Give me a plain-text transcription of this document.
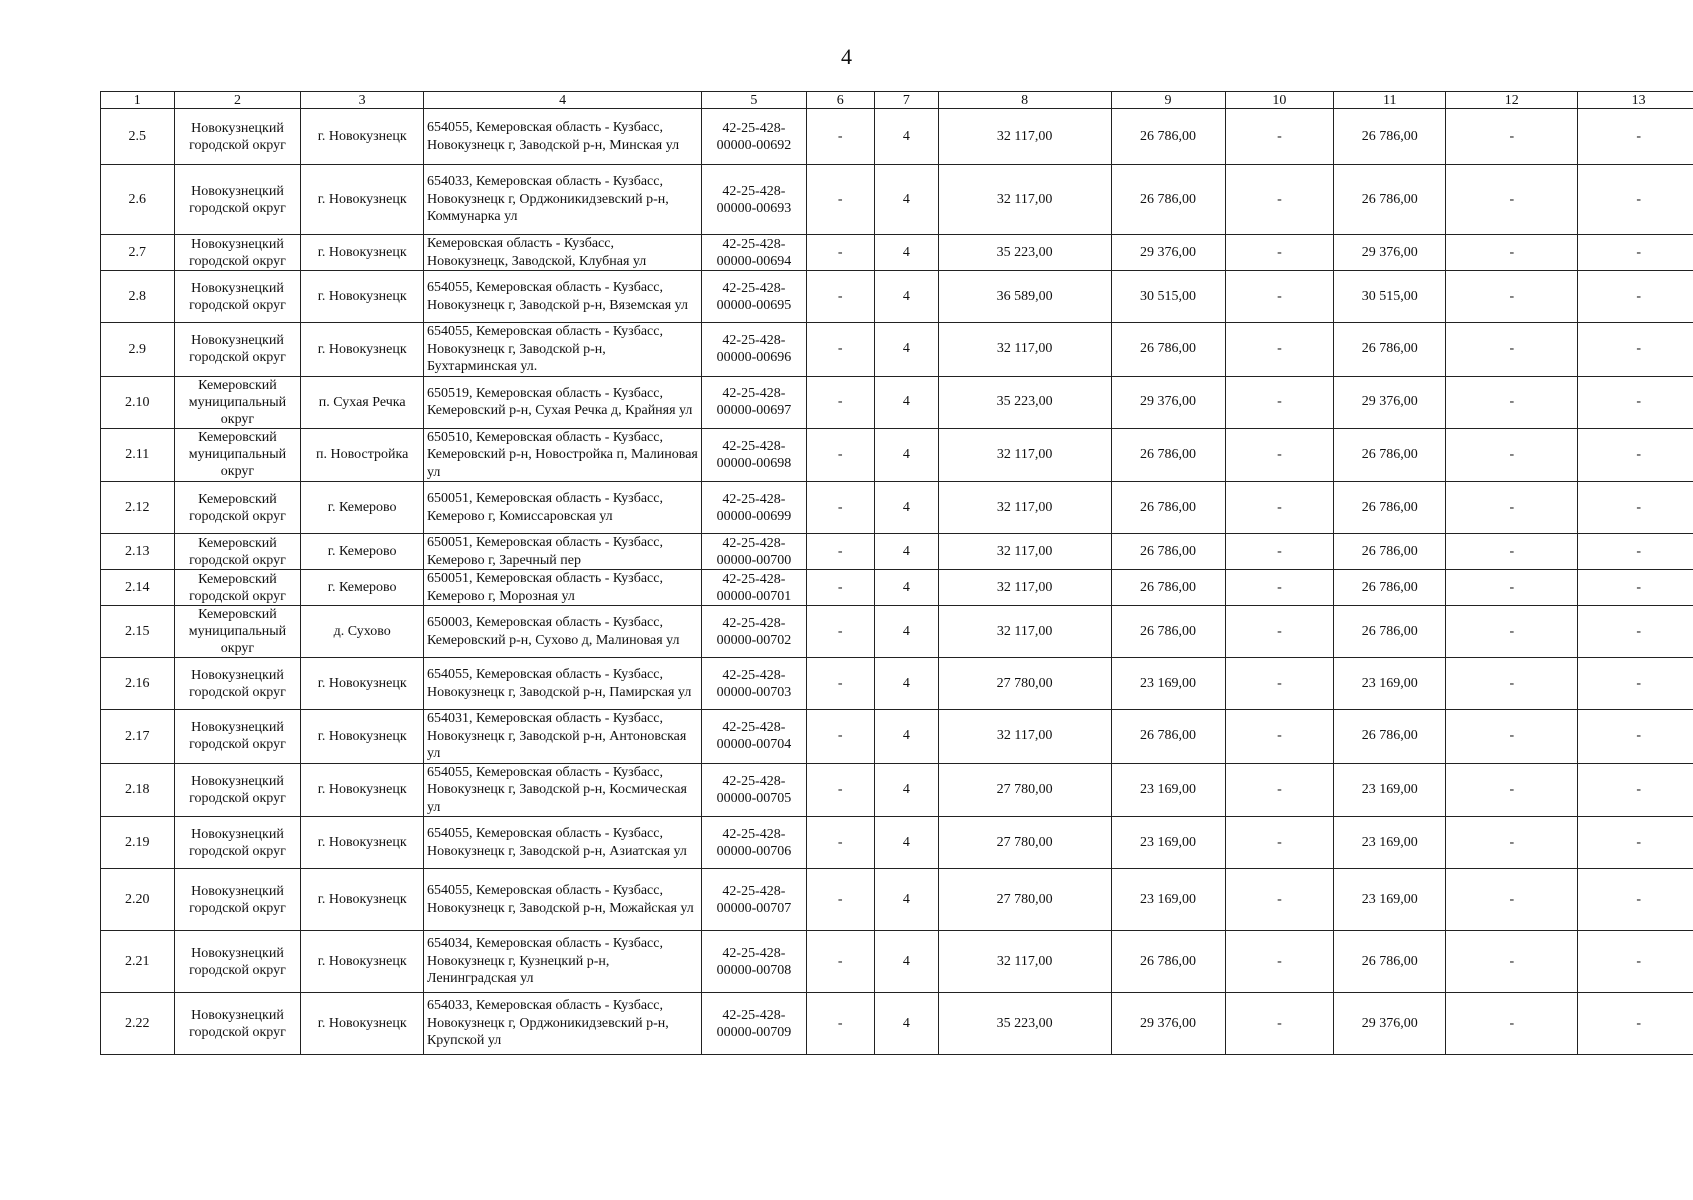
4
1	2	3	4	5	6	7	8	9	10	11	12	13
2.5	Новокузнецкий городской округ	г. Новокузнецк	654055, Кемеровская область - Кузбасс, Новокузнецк г, Заводской р-н, Минская ул	42-25-428-00000-00692	-	4	32 117,00	26 786,00	-	26 786,00	-	-
2.6	Новокузнецкий городской округ	г. Новокузнецк	654033, Кемеровская область - Кузбасс, Новокузнецк г, Орджоникидзевский р-н, Коммунарка ул	42-25-428-00000-00693	-	4	32 117,00	26 786,00	-	26 786,00	-	-
2.7	Новокузнецкий городской округ	г. Новокузнецк	Кемеровская область - Кузбасс, Новокузнецк, Заводской, Клубная ул	42-25-428-00000-00694	-	4	35 223,00	29 376,00	-	29 376,00	-	-
2.8	Новокузнецкий городской округ	г. Новокузнецк	654055, Кемеровская область - Кузбасс, Новокузнецк г, Заводской р-н, Вяземская ул	42-25-428-00000-00695	-	4	36 589,00	30 515,00	-	30 515,00	-	-
2.9	Новокузнецкий городской округ	г. Новокузнецк	654055, Кемеровская область - Кузбасс, Новокузнецк г, Заводской р-н, Бухтарминская ул.	42-25-428-00000-00696	-	4	32 117,00	26 786,00	-	26 786,00	-	-
2.10	Кемеровский муниципальный округ	п. Сухая Речка	650519, Кемеровская область - Кузбасс, Кемеровский р-н, Сухая Речка д, Крайняя ул	42-25-428-00000-00697	-	4	35 223,00	29 376,00	-	29 376,00	-	-
2.11	Кемеровский муниципальный округ	п. Новостройка	650510, Кемеровская область - Кузбасс, Кемеровский р-н, Новостройка п, Малиновая ул	42-25-428-00000-00698	-	4	32 117,00	26 786,00	-	26 786,00	-	-
2.12	Кемеровский городской округ	г. Кемерово	650051, Кемеровская область - Кузбасс, Кемерово г, Комиссаровская ул	42-25-428-00000-00699	-	4	32 117,00	26 786,00	-	26 786,00	-	-
2.13	Кемеровский городской округ	г. Кемерово	650051, Кемеровская область - Кузбасс, Кемерово г, Заречный пер	42-25-428-00000-00700	-	4	32 117,00	26 786,00	-	26 786,00	-	-
2.14	Кемеровский городской округ	г. Кемерово	650051, Кемеровская область - Кузбасс, Кемерово г, Морозная ул	42-25-428-00000-00701	-	4	32 117,00	26 786,00	-	26 786,00	-	-
2.15	Кемеровский муниципальный округ	д. Сухово	650003, Кемеровская область - Кузбасс, Кемеровский р-н, Сухово д, Малиновая ул	42-25-428-00000-00702	-	4	32 117,00	26 786,00	-	26 786,00	-	-
2.16	Новокузнецкий городской округ	г. Новокузнецк	654055, Кемеровская область - Кузбасс, Новокузнецк г, Заводской р-н, Памирская ул	42-25-428-00000-00703	-	4	27 780,00	23 169,00	-	23 169,00	-	-
2.17	Новокузнецкий городской округ	г. Новокузнецк	654031, Кемеровская область - Кузбасс, Новокузнецк г, Заводской р-н, Антоновская ул	42-25-428-00000-00704	-	4	32 117,00	26 786,00	-	26 786,00	-	-
2.18	Новокузнецкий городской округ	г. Новокузнецк	654055, Кемеровская область - Кузбасс, Новокузнецк г, Заводской р-н, Космическая ул	42-25-428-00000-00705	-	4	27 780,00	23 169,00	-	23 169,00	-	-
2.19	Новокузнецкий городской округ	г. Новокузнецк	654055, Кемеровская область - Кузбасс, Новокузнецк г, Заводской р-н, Азиатская ул	42-25-428-00000-00706	-	4	27 780,00	23 169,00	-	23 169,00	-	-
2.20	Новокузнецкий городской округ	г. Новокузнецк	654055, Кемеровская область - Кузбасс, Новокузнецк г, Заводской р-н, Можайская ул	42-25-428-00000-00707	-	4	27 780,00	23 169,00	-	23 169,00	-	-
2.21	Новокузнецкий городской округ	г. Новокузнецк	654034, Кемеровская область - Кузбасс, Новокузнецк г, Кузнецкий р-н, Ленинградская ул	42-25-428-00000-00708	-	4	32 117,00	26 786,00	-	26 786,00	-	-
2.22	Новокузнецкий городской округ	г. Новокузнецк	654033, Кемеровская область - Кузбасс, Новокузнецк г, Орджоникидзевский р-н, Крупской ул	42-25-428-00000-00709	-	4	35 223,00	29 376,00	-	29 376,00	-	-
